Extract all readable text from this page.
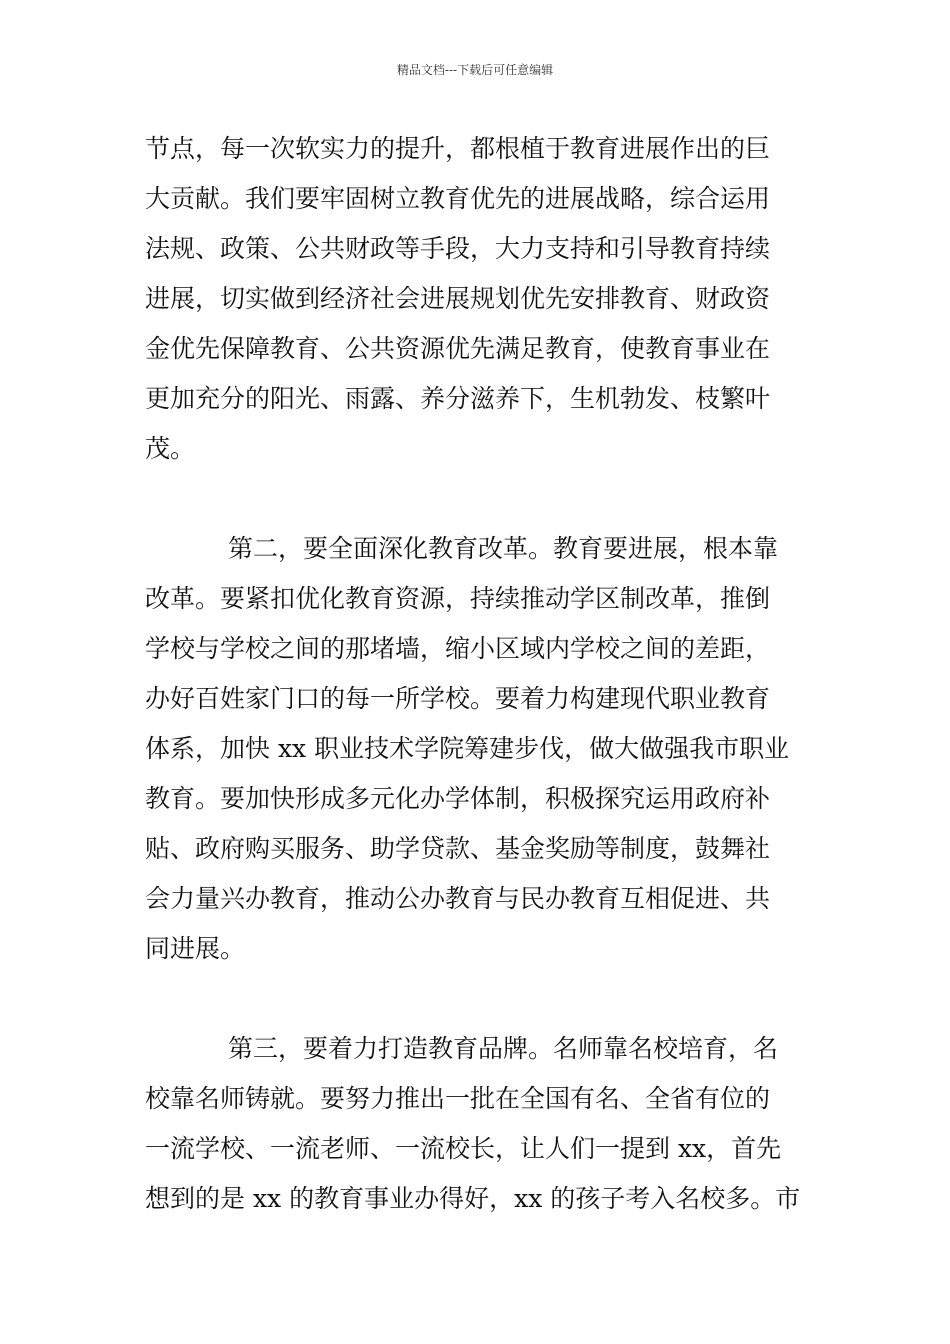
精品文档---下载后可任意编辑
节点，每一次软实力的提升，都根植于教育进展作出的巨
大贡献。我们要牢固树立教育优先的进展战略，综合运用
法规、政策、公共财政等手段，大力支持和引导教育持续
进展，切实做到经济社会进展规划优先安排教育、财政资
金优先保障教育、公共资源优先满足教育，使教育事业在
更加充分的阳光、雨露、养分滋养下，生机勃发、枝繁叶
茂。
第二，要全面深化教育改革。教育要进展，根本靠
改革。要紧扣优化教育资源，持续推动学区制改革，推倒
学校与学校之间的那堵墙，缩小区域内学校之间的差距，
办好百姓家门口的每一所学校。要着力构建现代职业教育
体系，加快 xx 职业技术学院筹建步伐，做大做强我市职业
教育。要加快形成多元化办学体制，积极探究运用政府补
贴、政府购买服务、助学贷款、基金奖励等制度，鼓舞社
会力量兴办教育，推动公办教育与民办教育互相促进、共
同进展。
第三，要着力打造教育品牌。名师靠名校培育，名
校靠名师铸就。要努力推出一批在全国有名、全省有位的
一流学校、一流老师、一流校长，让人们一提到 xx，首先
想到的是 xx 的教育事业办得好，xx 的孩子考入名校多。市
